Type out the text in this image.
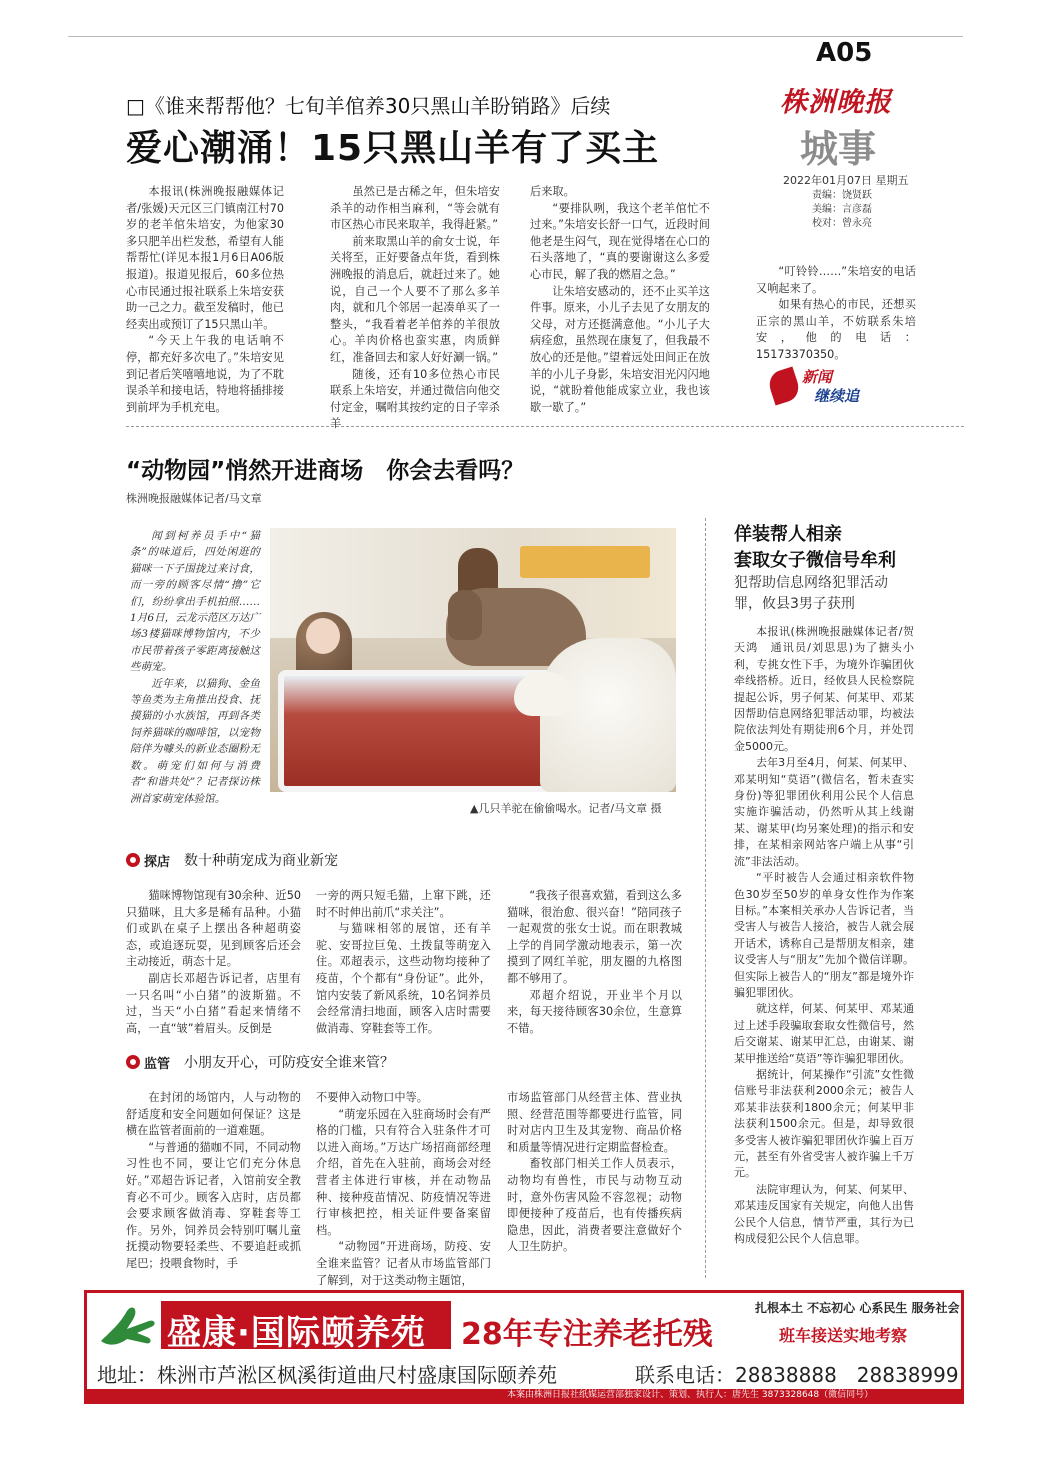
A05
株洲晚报
城事
2022年01月07日 星期五
责编：饶贤跃
美编：言彦磊
校对：曾永亮
□《谁来帮帮他？七旬羊倌养30只黑山羊盼销路》后续
爱心潮涌！15只黑山羊有了买主

本报讯(株洲晚报融媒体记者/张媛)天元区三门镇南江村70岁的老羊倌朱培安，为他家30多只肥羊出栏发愁，希望有人能帮帮忙(详见本报1月6日A06版报道)。报道见报后，60多位热心市民通过报社联系上朱培安获助一己之力。截至发稿时，他已经卖出或预订了15只黑山羊。

“今天上午我的电话响不停，都充好多次电了。”朱培安见到记者后笑嘻嘻地说，为了不耽误杀羊和接电话，特地将插排接到前坪为手机充电。

虽然已是古稀之年，但朱培安杀羊的动作相当麻利，“等会就有市区热心市民来取羊，我得赶紧。”

前来取黑山羊的俞女士说，年关将至，正好要备点年货，看到株洲晚报的消息后，就赶过来了。她说，自己一个人要不了那么多羊肉，就和几个邻居一起凑单买了一整头，“我看着老羊倌养的羊很放心。羊肉价格也蛮实惠，肉质鲜红，准备回去和家人好好涮一锅。”

随後，还有10多位热心市民联系上朱培安，并通过微信向他交付定金，嘱咐其按约定的日子宰杀羊

后来取。

“要排队咧，我这个老羊倌忙不过来。”朱培安长舒一口气，近段时间他老是生闷气，现在觉得堵在心口的石头落地了，“真的要谢谢这么多爱心市民，解了我的燃眉之急。”

让朱培安感动的，还不止买羊这件事。原来，小儿子去见了女朋友的父母，对方还挺满意他。“小儿子大病痊愈，虽然现在康复了，但我最不放心的还是他。”望着远处田间正在放羊的小儿子身影，朱培安泪光闪闪地说，“就盼着他能成家立业，我也该歇一歇了。”

“叮铃铃……”朱培安的电话又响起来了。

如果有热心的市民，还想买正宗的黑山羊，不妨联系朱培安，他的电话：15173370350。

新闻
继续追
“动物园”悄然开进商场　你会去看吗？
株洲晚报融媒体记者/马文章

闻到柯养员手中“猫条”的味道后，四处闲逛的猫咪一下子围拢过来讨食，而一旁的顾客尽情“撸”它们，纷纷拿出手机拍照……1月6日，云龙示范区万达广场3楼猫咪博物馆内，不少市民带着孩子零距离接触这些萌宠。

近年来，以猫狗、金鱼等鱼类为主角推出投食、抚摸猫的小水族馆，再到各类饲养猫咪的咖啡馆，以宠物陪伴为噱头的新业态圈粉无数。萌宠们如何与消费者“和谐共处”？记者探访株洲首家萌宠体验馆。

▲几只羊驼在偷偷喝水。记者/马文章 摄
探店 数十种萌宠成为商业新宠

猫咪博物馆现有30余种、近50只猫咪，且大多是稀有品种。小猫们或趴在桌子上摆出各种超萌姿态，或追逐玩耍，见到顾客后还会主动接近，萌态十足。

副店长邓超告诉记者，店里有一只名叫“小白猪”的波斯猫。不过，当天“小白猪”看起来情绪不高，一直“皱”着眉头。反倒是

一旁的两只短毛猫，上窜下跳，还时不时伸出前爪“求关注”。

与猫咪相邻的展馆，还有羊驼、安哥拉巨兔、土拨鼠等萌宠入住。邓超表示，这些动物均接种了疫苗，个个都有“身份证”。此外，馆内安装了新风系统，10名饲养员会经常清扫地面，顾客入店时需要做消毒、穿鞋套等工作。

“我孩子很喜欢猫，看到这么多猫咪，很治愈、很兴奋！”陪同孩子一起观赏的张女士说。而在职教城上学的肖同学激动地表示，第一次摸到了网红羊驼，朋友圈的九格图都不够用了。

邓超介绍说，开业半个月以来，每天接待顾客30余位，生意算不错。

监管 小朋友开心，可防疫安全谁来管？

在封闭的场馆内，人与动物的舒适度和安全问题如何保证？这是横在监管者面前的一道难题。

“与普通的猫咖不同，不同动物习性也不同，要让它们充分休息好。”邓超告诉记者，入馆前安全教育必不可少。顾客入店时，店员都会要求顾客做消毒、穿鞋套等工作。另外，饲养员会特别叮嘱儿童抚摸动物要轻柔些、不要追赶或抓尾巴；投喂食物时，手

不要伸入动物口中等。

“萌宠乐园在入驻商场时会有严格的门槛，只有符合入驻条件才可以进入商场。”万达广场招商部经理介绍，首先在入驻前，商场会对经营者主体进行审核，并在动物品种、接种疫苗情况、防疫情况等进行审核把控，相关证件要备案留档。

“动物园”开进商场，防疫、安全谁来监管？记者从市场监管部门了解到，对于这类动物主题馆，

市场监管部门从经营主体、营业执照、经营范围等都要进行监管，同时对店内卫生及其宠物、商品价格和质量等情况进行定期监督检查。

畜牧部门相关工作人员表示，动物均有兽性，市民与动物互动时，意外伤害风险不容忽视；动物即便接种了疫苗后，也有传播疾病隐患，因此，消费者要注意做好个人卫生防护。

佯装帮人相亲
套取女子微信号牟利
犯帮助信息网络犯罪活动
罪，攸县3男子获刑

本报讯(株洲晚报融媒体记者/贺天鸿　通讯员/刘思思)为了搪头小利，专挑女性下手，为境外诈骗团伙牵线搭桥。近日，经攸县人民检察院提起公诉，男子何某、何某甲、邓某因帮助信息网络犯罪活动罪，均被法院依法判处有期徒刑6个月，并处罚金5000元。

去年3月至4月，何某、何某甲、邓某明知“莫语”(微信名，暂未查实身份)等犯罪团伙利用公民个人信息实施诈骗活动，仍然听从其上线谢某、谢某甲(均另案处理)的指示和安排，在某相亲网站客户端上从事“引流”非法活动。

“平时被告人会通过相亲软件物色30岁至50岁的单身女性作为作案目标。”本案相关承办人告诉记者，当受害人与被告人接洽，被告人就会展开话术，诱称自己是帮朋友相亲，建议受害人与“朋友”先加个微信详聊。但实际上被告人的“朋友”都是境外诈骗犯罪团伙。

就这样，何某、何某甲、邓某通过上述手段骗取套取女性微信号，然后交谢某、谢某甲汇总，由谢某、谢某甲推送给“莫语”等诈骗犯罪团伙。

据统计，何某操作“引流”女性微信账号非法获利2000余元；被告人邓某非法获利1800余元；何某甲非法获利1500余元。但是，却导致很多受害人被诈骗犯罪团伙诈骗上百万元，甚至有外省受害人被诈骗上千万元。

法院审理认为，何某、何某甲、邓某违反国家有关规定，向他人出售公民个人信息，情节严重，其行为已构成侵犯公民个人信息罪。

盛康·国际颐养苑 28年专注养老托残
扎根本土 不忘初心 心系民生 服务社会
班车接送实地考察
地址：株洲市芦淞区枫溪街道曲尺村盛康国际颐养苑	联系电话：28838888　28838999
本案由株洲日报社纸媒运营部独家设计、策划、执行人：唐先生 3873328648（微信同号）
